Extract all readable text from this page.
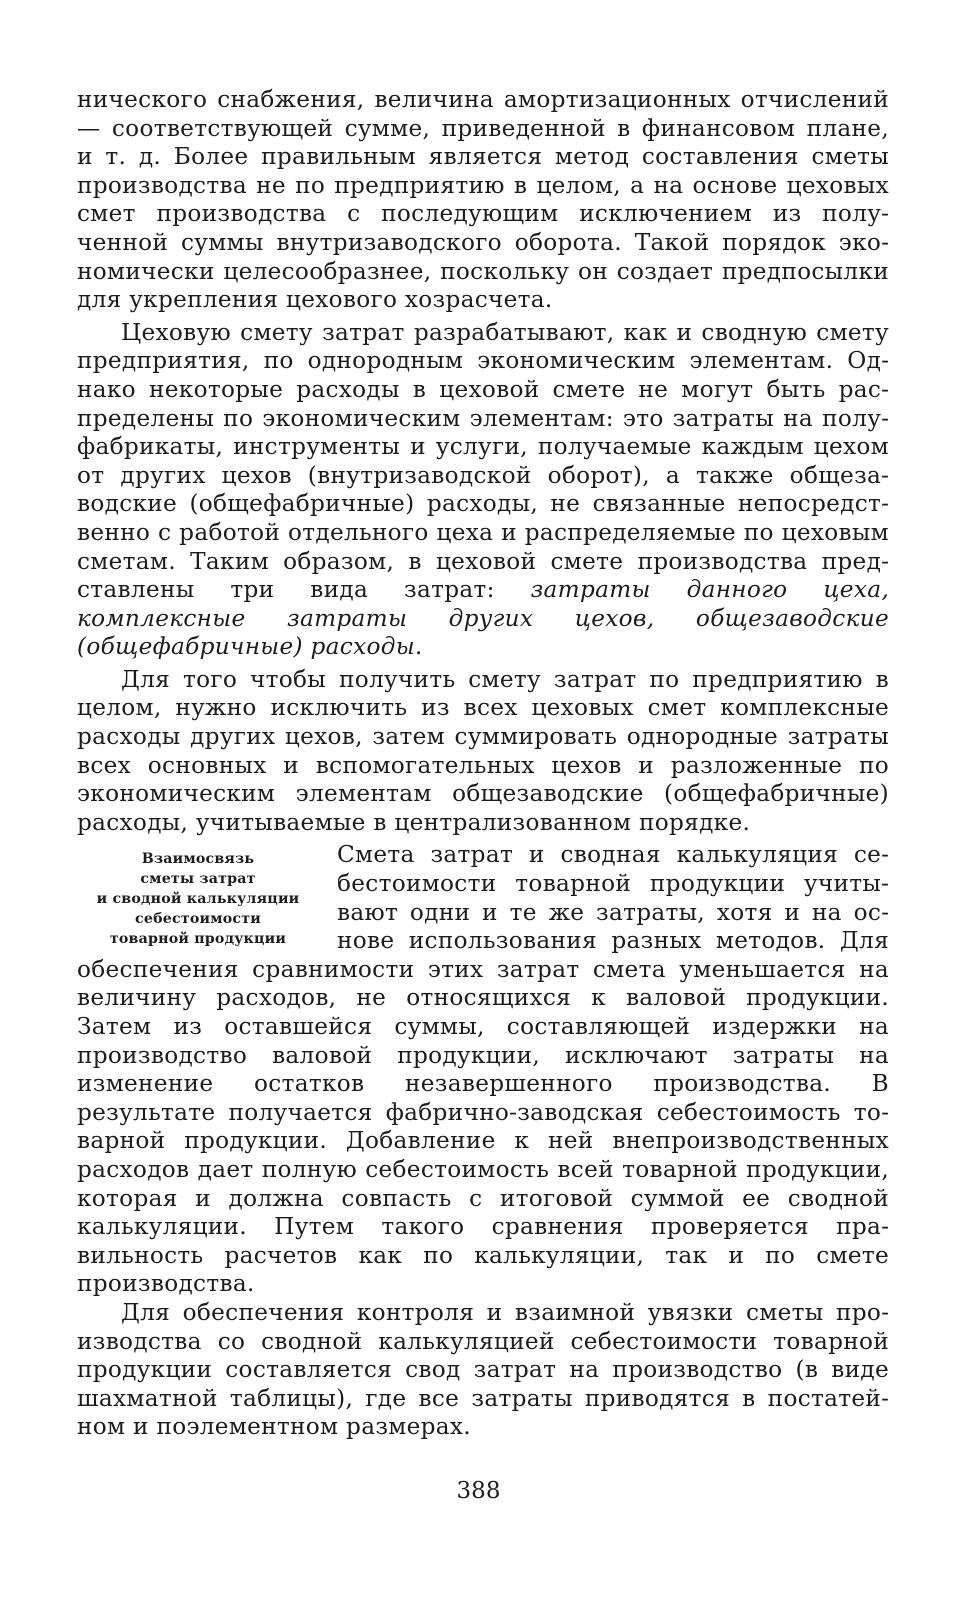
нического снабжения, величина амортизационных отчислений — соответствующей сумме, приведенной в финансовом плане, и т. д. Более правильным является метод составления сметы производства не по предприятию в целом, а на основе цеховых смет производства с последующим исключением из полученной суммы внутризаводского оборота. Такой порядок экономически целесообразнее, поскольку он создает предпосылки для укрепления цехового хозрасчета.

Цеховую смету затрат разрабатывают, как и сводную смету предприятия, по однородным экономическим элементам. Однако некоторые расходы в цеховой смете не могут быть распределены по экономическим элементам: это затраты на полуфабрикаты, инструменты и услуги, получаемые каждым цехом от других цехов (внутризаводской оборот), а также общезаводские (общефабричные) расходы, не связанные непосредственно с работой отдельного цеха и распределяемые по цеховым сметам. Таким образом, в цеховой смете производства представлены три вида затрат: затраты данного цеха, комплексные затраты других цехов, общезаводские (общефабричные) расходы.

Для того чтобы получить смету затрат по предприятию в целом, нужно исключить из всех цеховых смет комплексные расходы других цехов, затем суммировать однородные затраты всех основных и вспомогательных цехов и разложенные по экономическим элементам общезаводские (общефабричные) расходы, учитываемые в централизованном порядке.

Взаимосвязь
сметы затрат
и сводной калькуляции
себестоимости
товарной продукции

Смета затрат и сводная калькуляция себестоимости товарной продукции учитывают одни и те же затраты, хотя и на основе использования разных методов. Для обеспечения сравнимости этих затрат смета уменьшается на величину расходов, не относящихся к валовой продукции. Затем из оставшейся суммы, составляющей издержки на производство валовой продукции, исключают затраты на изменение остатков незавершенного производства. В результате получается фабрично-заводская себестоимость товарной продукции. Добавление к ней внепроизводственных расходов дает полную себестоимость всей товарной продукции, которая и должна совпасть с итоговой суммой ее сводной калькуляции. Путем такого сравнения проверяется правильность расчетов как по калькуляции, так и по смете производства.

Для обеспечения контроля и взаимной увязки сметы производства со сводной калькуляцией себестоимости товарной продукции составляется свод затрат на производство (в виде шахматной таблицы), где все затраты приводятся в постатейном и поэлементном размерах.

388
